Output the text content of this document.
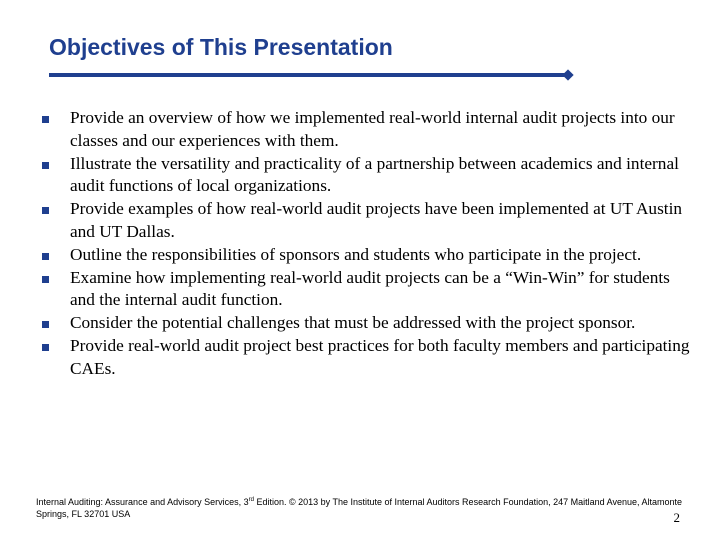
Objectives of This Presentation
Provide an overview of how we implemented real-world internal audit projects into our classes and our experiences with them.
Illustrate the versatility and practicality of a partnership between academics and internal audit functions of local organizations.
Provide examples of how real-world audit projects have been implemented at UT Austin and UT Dallas.
Outline the responsibilities of sponsors and students who participate in the project.
Examine how implementing real-world audit projects can be a “Win-Win” for students and the internal audit function.
Consider the potential challenges that must be addressed with the project sponsor.
Provide real-world audit project best practices for both faculty members and participating CAEs.
Internal Auditing: Assurance and Advisory Services, 3rd Edition. © 2013 by The Institute of Internal Auditors Research Foundation, 247 Maitland Avenue, Altamonte Springs, FL 32701 USA	2
